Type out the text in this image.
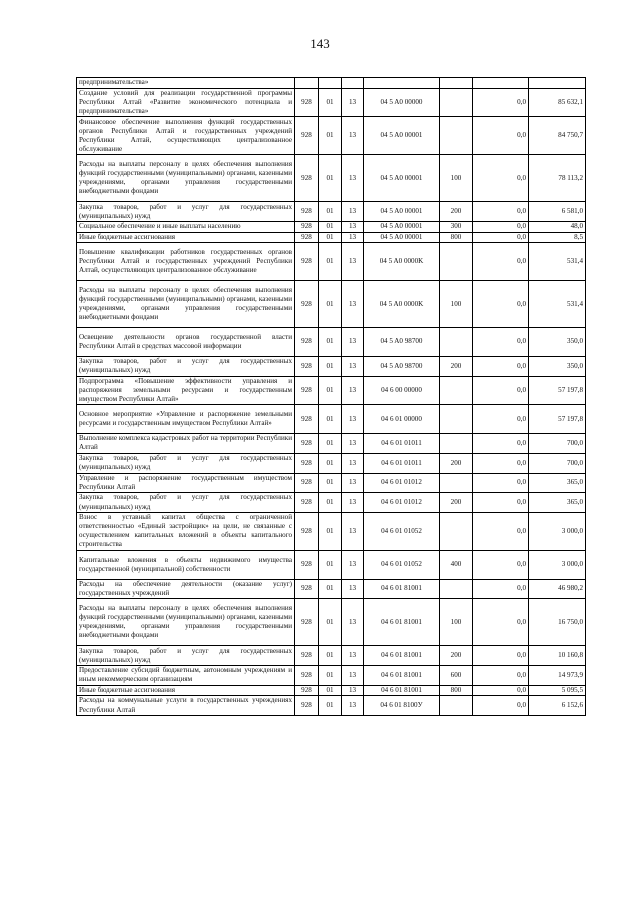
143
предпринимательства»							
Создание условий для реализации государственной программы Республики Алтай «Развитие экономического потенциала и предпринимательства»	928	01	13	04 5 A0 00000		0,0	85 632,1
Финансовое обеспечение выполнения функций государственных органов Республики Алтай и государственных учреждений Республики Алтай, осуществляющих централизованное обслуживание	928	01	13	04 5 A0 00001		0,0	84 750,7
Расходы на выплаты персоналу в целях обеспечения выполнения функций государственными (муниципальными) органами, казенными учреждениями, органами управления государственными внебюджетными фондами	928	01	13	04 5 A0 00001	100	0,0	78 113,2
Закупка товаров, работ и услуг для государственных (муниципальных) нужд	928	01	13	04 5 A0 00001	200	0,0	6 581,0
Социальное обеспечение и иные выплаты населению	928	01	13	04 5 A0 00001	300	0,0	48,0
Иные бюджетные ассигнования	928	01	13	04 5 A0 00001	800	0,0	8,5
Повышение квалификации работников государственных органов Республики Алтай и государственных учреждений Республики Алтай, осуществляющих централизованное обслуживание	928	01	13	04 5 A0 0000K		0,0	531,4
Расходы на выплаты персоналу в целях обеспечения выполнения функций государственными (муниципальными) органами, казенными учреждениями, органами управления государственными внебюджетными фондами	928	01	13	04 5 A0 0000K	100	0,0	531,4
Освещение деятельности органов государственной власти Республики Алтай в средствах массовой информации	928	01	13	04 5 A0 98700		0,0	350,0
Закупка товаров, работ и услуг для государственных (муниципальных) нужд	928	01	13	04 5 A0 98700	200	0,0	350,0
Подпрограмма «Повышение эффективности управления и распоряжения земельными ресурсами и государственным имуществом Республики Алтай»	928	01	13	04 6 00 00000		0,0	57 197,8
Основное мероприятие «Управление и распоряжение земельными ресурсами и государственным имуществом Республики Алтай»	928	01	13	04 6 01 00000		0,0	57 197,8
Выполнение комплекса кадастровых работ на территории Республики Алтай	928	01	13	04 6 01 01011		0,0	700,0
Закупка товаров, работ и услуг для государственных (муниципальных) нужд	928	01	13	04 6 01 01011	200	0,0	700,0
Управление и распоряжение государственным имуществом Республики Алтай	928	01	13	04 6 01 01012		0,0	365,0
Закупка товаров, работ и услуг для государственных (муниципальных) нужд	928	01	13	04 6 01 01012	200	0,0	365,0
Взнос в уставный капитал общества с ограниченной ответственностью «Единый застройщик» на цели, не связанные с осуществлением капитальных вложений в объекты капитального строительства	928	01	13	04 6 01 01052		0,0	3 000,0
Капитальные вложения в объекты недвижимого имущества государственной (муниципальной) собственности	928	01	13	04 6 01 01052	400	0,0	3 000,0
Расходы на обеспечение деятельности (оказание услуг) государственных учреждений	928	01	13	04 6 01 81001		0,0	46 980,2
Расходы на выплаты персоналу в целях обеспечения выполнения функций государственными (муниципальными) органами, казенными учреждениями, органами управления государственными внебюджетными фондами	928	01	13	04 6 01 81001	100	0,0	16 750,0
Закупка товаров, работ и услуг для государственных (муниципальных) нужд	928	01	13	04 6 01 81001	200	0,0	10 160,8
Предоставление субсидий бюджетным, автономным учреждениям и иным некоммерческим организациям	928	01	13	04 6 01 81001	600	0,0	14 973,9
Иные бюджетные ассигнования	928	01	13	04 6 01 81001	800	0,0	5 095,5
Расходы на коммунальные услуги в государственных учреждениях Республики Алтай	928	01	13	04 6 01 8100У		0,0	6 152,6
